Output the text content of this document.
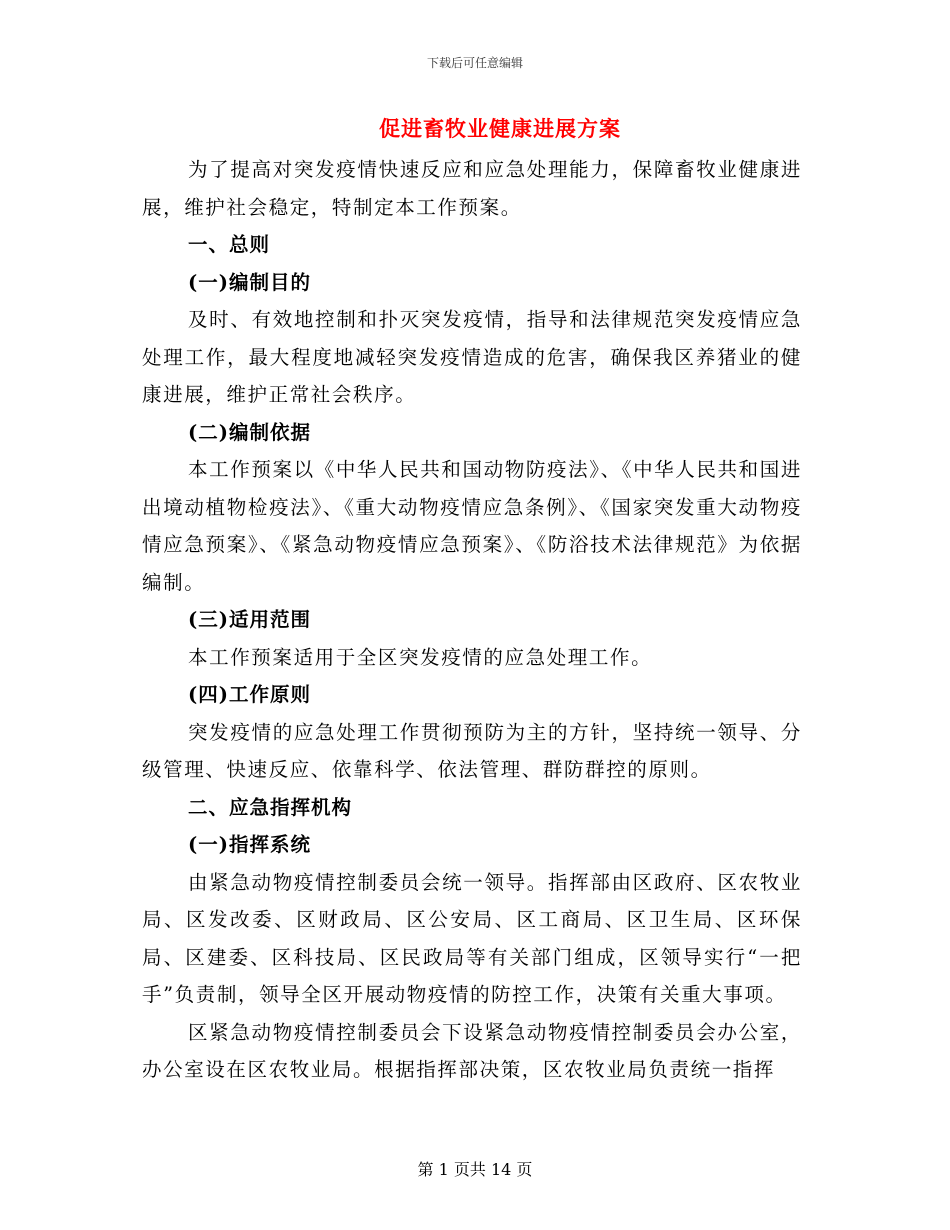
下载后可任意编辑
促进畜牧业健康进展方案

为了提高对突发疫情快速反应和应急处理能力，保障畜牧业健康进展，维护社会稳定，特制定本工作预案。

一、总则

(一)编制目的

及时、有效地控制和扑灭突发疫情，指导和法律规范突发疫情应急处理工作，最大程度地减轻突发疫情造成的危害，确保我区养猪业的健康进展，维护正常社会秩序。

(二)编制依据

本工作预案以《中华人民共和国动物防疫法》、《中华人民共和国进出境动植物检疫法》、《重大动物疫情应急条例》、《国家突发重大动物疫情应急预案》、《紧急动物疫情应急预案》、《防浴技术法律规范》为依据编制。

(三)适用范围

本工作预案适用于全区突发疫情的应急处理工作。

(四)工作原则

突发疫情的应急处理工作贯彻预防为主的方针，坚持统一领导、分级管理、快速反应、依靠科学、依法管理、群防群控的原则。

二、应急指挥机构

(一)指挥系统

由紧急动物疫情控制委员会统一领导。指挥部由区政府、区农牧业局、区发改委、区财政局、区公安局、区工商局、区卫生局、区环保局、区建委、区科技局、区民政局等有关部门组成，区领导实行“一把手”负责制，领导全区开展动物疫情的防控工作，决策有关重大事项。

区紧急动物疫情控制委员会下设紧急动物疫情控制委员会办公室，办公室设在区农牧业局。根据指挥部决策，区农牧业局负责统一指挥

第 1 页共 14 页
